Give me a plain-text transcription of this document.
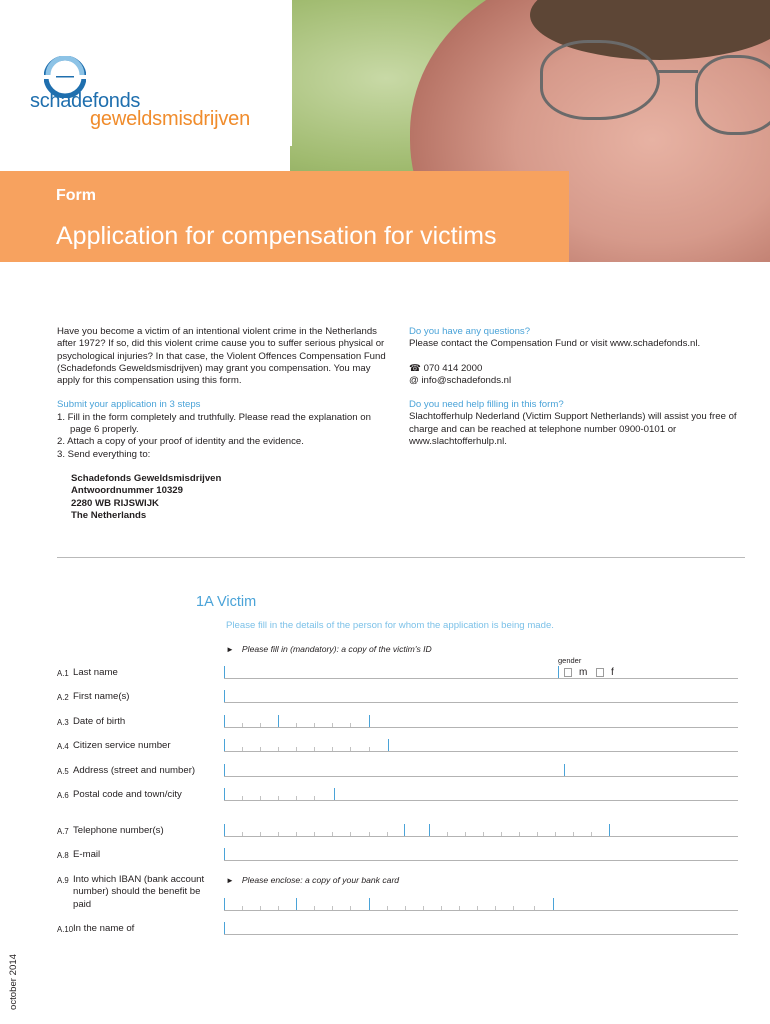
schadefonds
geweldsmisdrijven
Form
Application for compensation for victims

Have you become a victim of an intentional violent crime in the Netherlands after 1972? If so, did this violent crime cause you to suffer serious physical or psychological injuries? In that case, the Violent Offences Compensation Fund (Schadefonds Geweldsmisdrijven) may grant you compensation. You may apply for this compensation using this form.

Submit your application in 3 steps

1. Fill in the form completely and truthfully. Please read the explanation on page 6 properly.
2. Attach a copy of your proof of identity and the evidence.
3. Send everything to:
Schadefonds Geweldsmisdrijven
Antwoordnummer 10329
2280 WB RIJSWIJK
The Netherlands

Do you have any questions?

Please contact the Compensation Fund or visit www.schadefonds.nl.

☎ 070 414 2000

@ info@schadefonds.nl

Do you need help filling in this form?

Slachtofferhulp Nederland (Victim Support Netherlands) will assist you free of charge and can be reached at telephone number 0900-0101 or www.slachtofferhulp.nl.

1A Victim
Please fill in the details of the person for whom the application is being made.
► Please fill in (mandatory): a copy of the victim's ID
gender
m f
A.1 Last name
A.2 First name(s)
A.3 Date of birth
A.4 Citizen service number
A.5 Address (street and number)
A.6 Postal code and town/city
A.7 Telephone number(s)
A.8 E-mail
A.9 Into which IBAN (bank account number) should the benefit be paid
► Please enclose: a copy of your bank card
A.10 In the name of
october 2014
